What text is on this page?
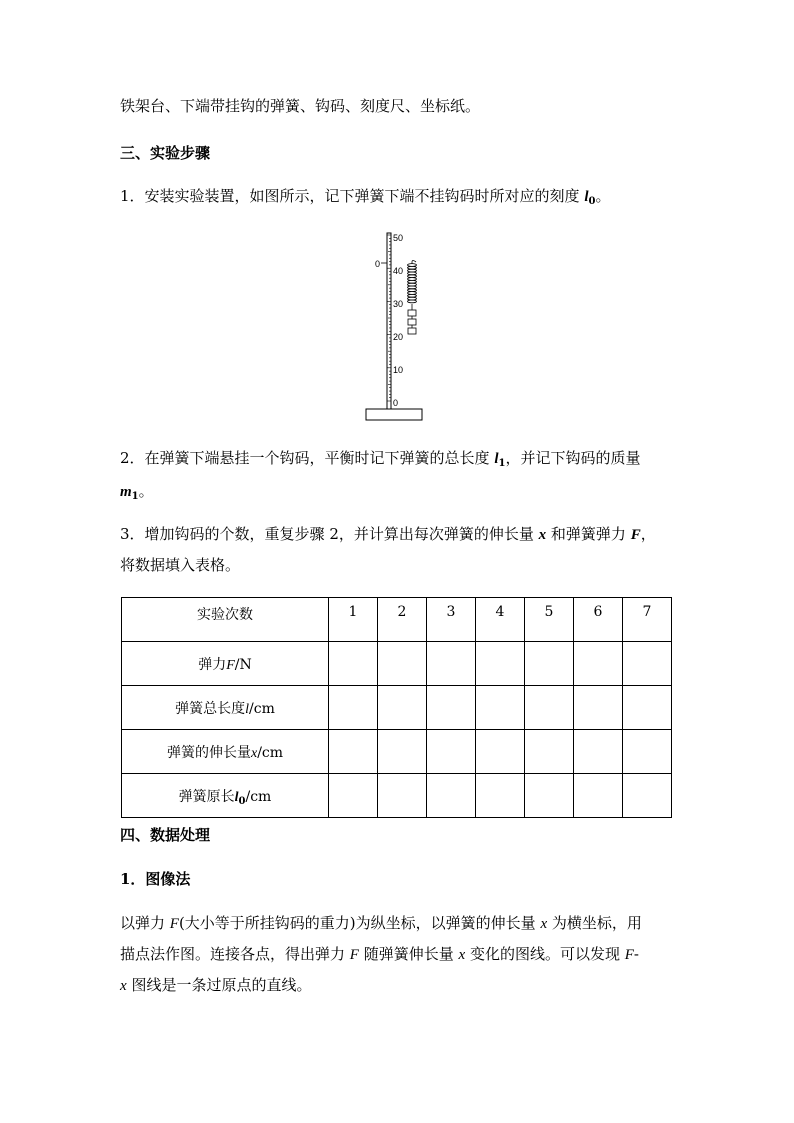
铁架台、下端带挂钩的弹簧、钩码、刻度尺、坐标纸。
三、实验步骤
1．安装实验装置，如图所示，记下弹簧下端不挂钩码时所对应的刻度 $l_0$。
50
40
30
20
10
0
0
2．在弹簧下端悬挂一个钩码，平衡时记下弹簧的总长度 $l_1$，并记下钩码的质量
$m_1$。
3．增加钩码的个数，重复步骤 2，并计算出每次弹簧的伸长量 x 和弹簧弹力 F，
将数据填入表格。
实验次数	1	2	3	4	5	6	7
弹力F/N							
弹簧总长度l/cm							
弹簧的伸长量x/cm							
弹簧原长$l_0/cm$							
四、数据处理
1．图像法
以弹力 F(大小等于所挂钩码的重力)为纵坐标，以弹簧的伸长量 x 为横坐标，用
描点法作图。连接各点，得出弹力 F 随弹簧伸长量 x 变化的图线。可以发现 F-
x 图线是一条过原点的直线。
